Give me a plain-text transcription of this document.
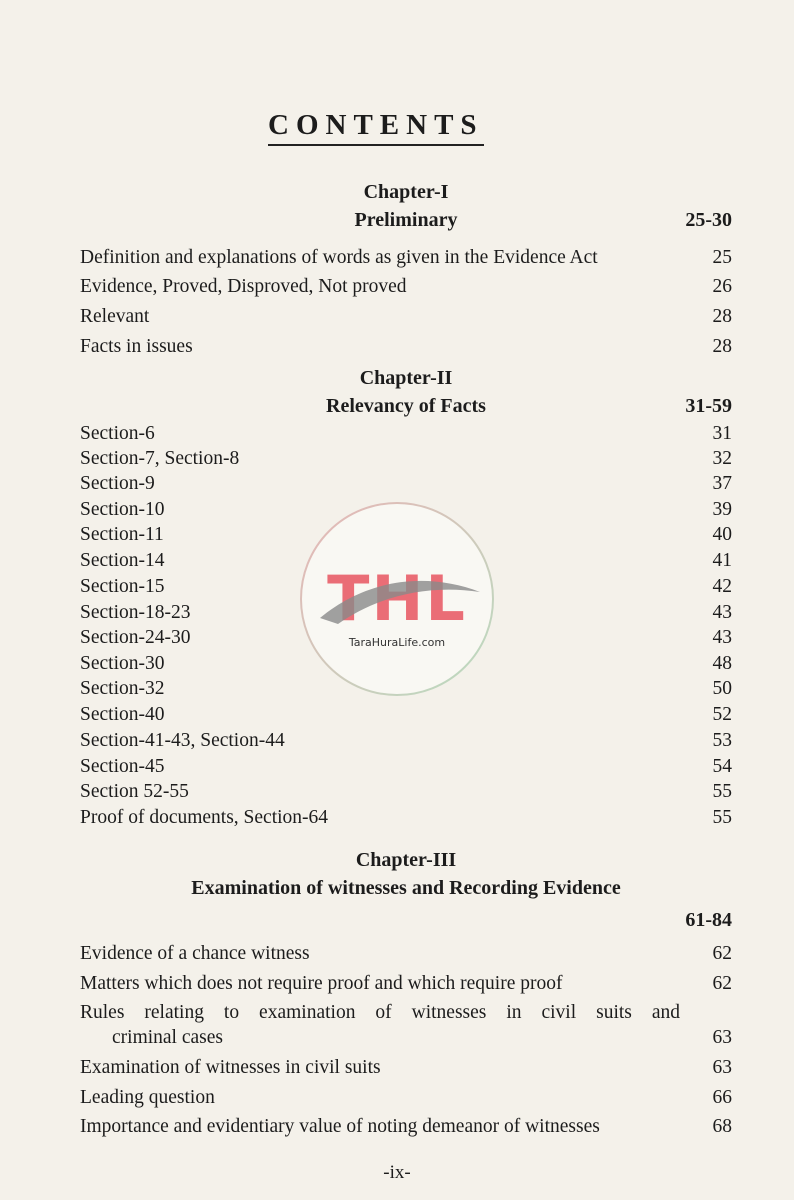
CONTENTS
Chapter-I
Preliminary	25-30
Definition and explanations of words as given in the Evidence Act	25
Evidence, Proved, Disproved, Not proved	26
Relevant	28
Facts in issues	28
Chapter-II
Relevancy of Facts	31-59
Section-6	31
Section-7, Section-8	32
Section-9	37
Section-10	39
Section-11	40
Section-14	41
Section-15	42
Section-18-23	43
Section-24-30	43
Section-30	48
Section-32	50
Section-40	52
Section-41-43, Section-44	53
Section-45	54
Section 52-55	55
Proof of documents, Section-64	55
Chapter-III
Examination of witnesses and Recording Evidence
61-84
Evidence of a chance witness	62
Matters which does not require proof and which require proof	62
Rules relating to examination of witnesses in civil suits and
criminal cases	63
Examination of witnesses in civil suits	63
Leading question	66
Importance and evidentiary value of noting demeanor of witnesses	68
THL
TaraHuraLife.com
-ix-
